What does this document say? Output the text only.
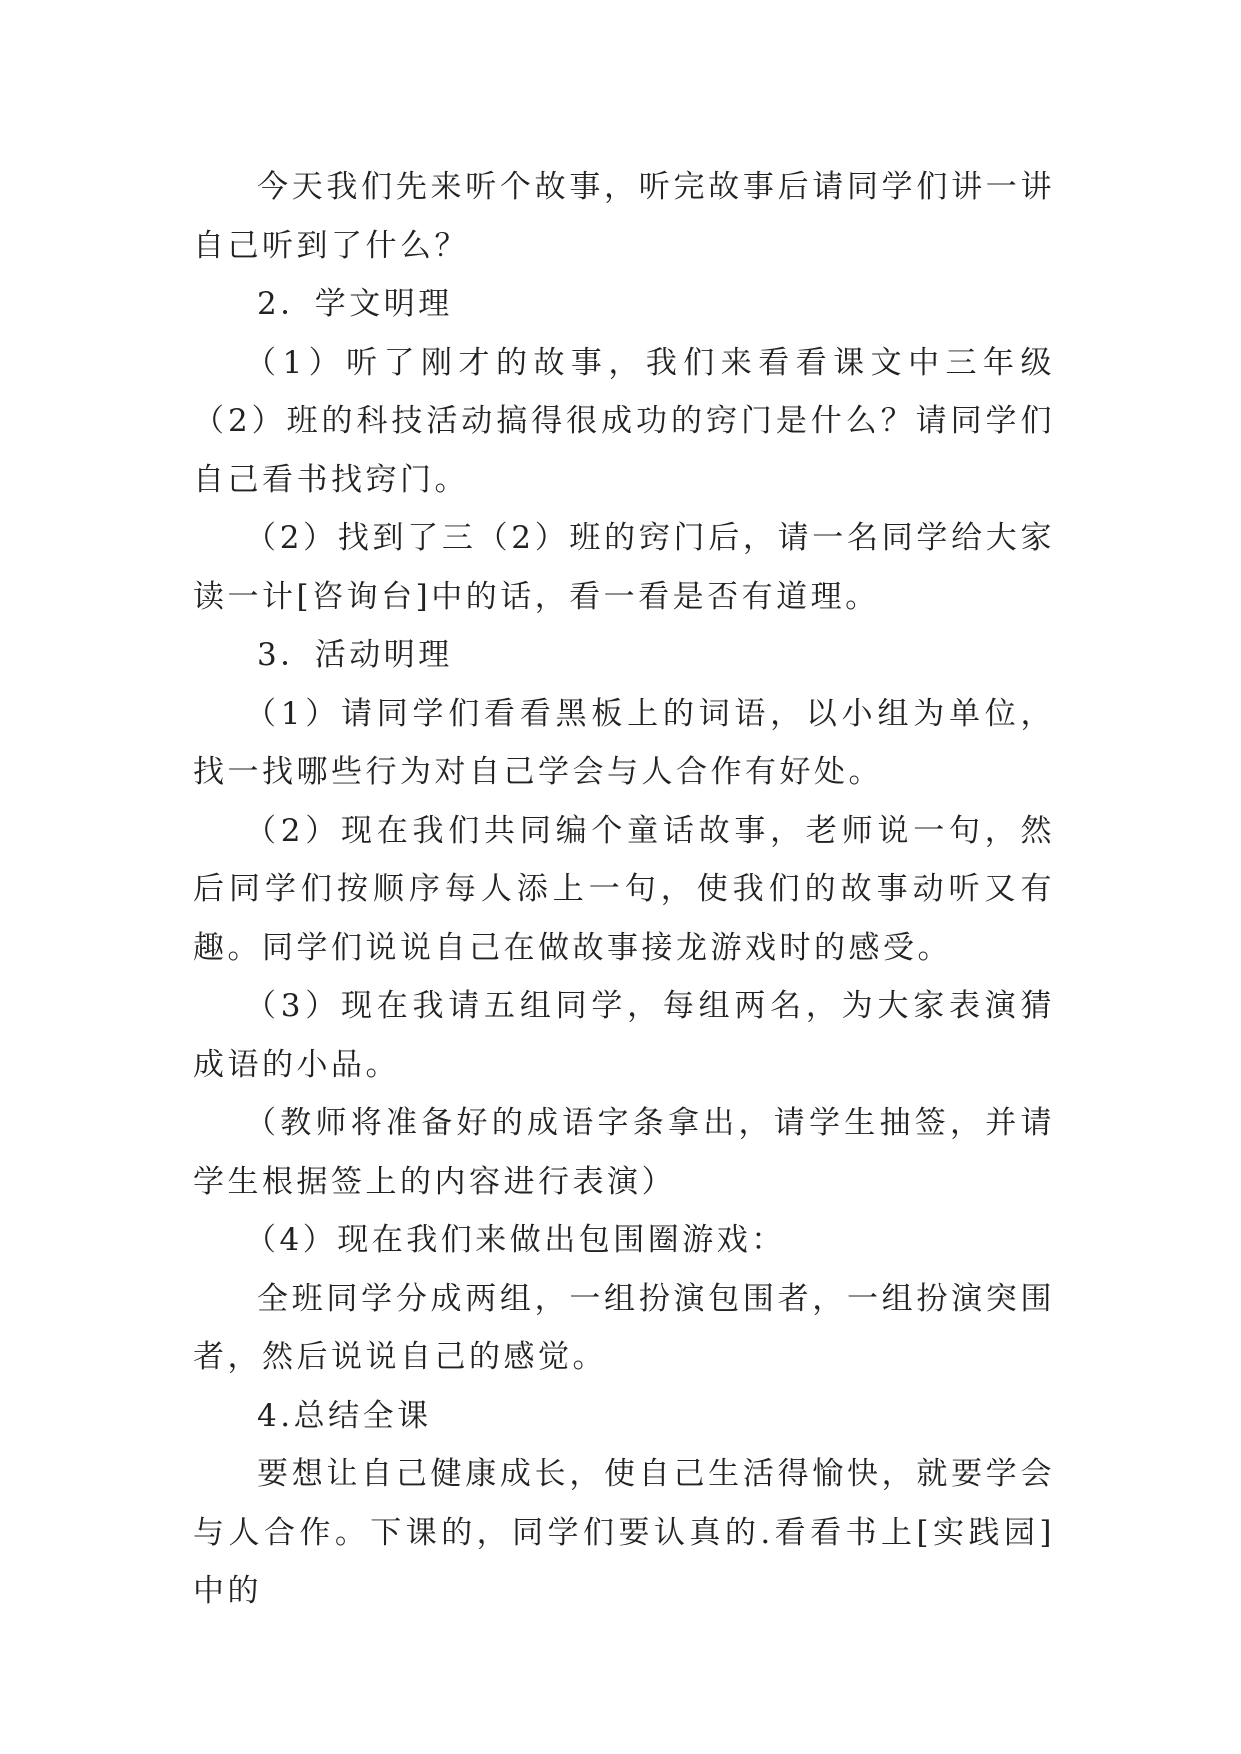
今天我们先来听个故事，听完故事后请同学们讲一讲自己听到了什么？

2．学文明理

（1）听了刚才的故事，我们来看看课文中三年级（2）班的科技活动搞得很成功的窍门是什么？请同学们自己看书找窍门。

（2）找到了三（2）班的窍门后，请一名同学给大家读一计[咨询台]中的话，看一看是否有道理。

3．活动明理

（1）请同学们看看黑板上的词语，以小组为单位，找一找哪些行为对自己学会与人合作有好处。

（2）现在我们共同编个童话故事，老师说一句，然后同学们按顺序每人添上一句，使我们的故事动听又有趣。同学们说说自己在做故事接龙游戏时的感受。

（3）现在我请五组同学，每组两名，为大家表演猜成语的小品。

（教师将准备好的成语字条拿出，请学生抽签，并请学生根据签上的内容进行表演）

（4）现在我们来做出包围圈游戏：

全班同学分成两组，一组扮演包围者，一组扮演突围者，然后说说自己的感觉。

4.总结全课

要想让自己健康成长，使自己生活得愉快，就要学会与人合作。下课的，同学们要认真的.看看书上[实践园]中的
